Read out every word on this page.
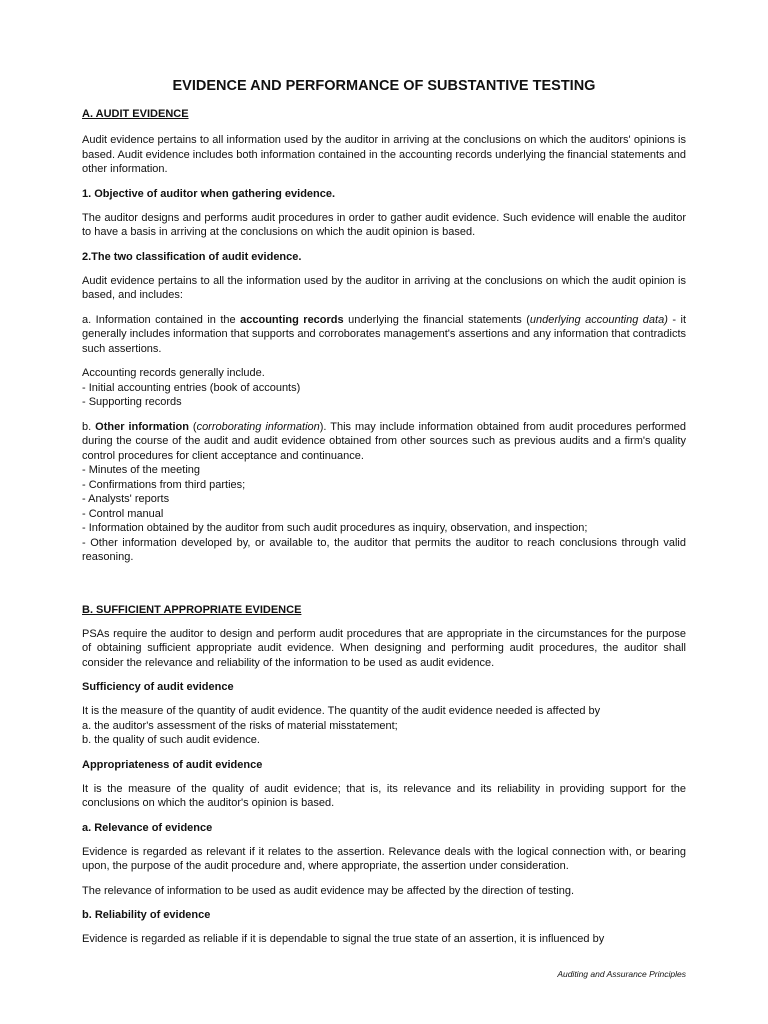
EVIDENCE AND PERFORMANCE OF SUBSTANTIVE TESTING
A. AUDIT EVIDENCE

Audit evidence pertains to all information used by the auditor in arriving at the conclusions on which the auditors' opinions is based. Audit evidence includes both information contained in the accounting records underlying the financial statements and other information.

1. Objective of auditor when gathering evidence.

The auditor designs and performs audit procedures in order to gather audit evidence. Such evidence will enable the auditor to have a basis in arriving at the conclusions on which the audit opinion is based.

2.The two classification of audit evidence.

Audit evidence pertains to all the information used by the auditor in arriving at the conclusions on which the audit opinion is based, and includes:

a. Information contained in the accounting records underlying the financial statements (underlying accounting data) - it generally includes information that supports and corroborates management's assertions and any information that contradicts such assertions.

Accounting records generally include.
- Initial accounting entries (book of accounts)
- Supporting records

b. Other information (corroborating information). This may include information obtained from audit procedures performed during the course of the audit and audit evidence obtained from other sources such as previous audits and a firm's quality control procedures for client acceptance and continuance.

- Minutes of the meeting
- Confirmations from third parties;
- Analysts' reports
- Control manual
- Information obtained by the auditor from such audit procedures as inquiry, observation, and inspection;
- Other information developed by, or available to, the auditor that permits the auditor to reach conclusions through valid reasoning.
B. SUFFICIENT APPROPRIATE EVIDENCE

PSAs require the auditor to design and perform audit procedures that are appropriate in the circumstances for the purpose of obtaining sufficient appropriate audit evidence. When designing and performing audit procedures, the auditor shall consider the relevance and reliability of the information to be used as audit evidence.

Sufficiency of audit evidence
It is the measure of the quantity of audit evidence. The quantity of the audit evidence needed is affected by
a. the auditor's assessment of the risks of material misstatement;
b. the quality of such audit evidence.
Appropriateness of audit evidence

It is the measure of the quality of audit evidence; that is, its relevance and its reliability in providing support for the conclusions on which the auditor's opinion is based.

a. Relevance of evidence

Evidence is regarded as relevant if it relates to the assertion. Relevance deals with the logical connection with, or bearing upon, the purpose of the audit procedure and, where appropriate, the assertion under consideration.

The relevance of information to be used as audit evidence may be affected by the direction of testing.

b. Reliability of evidence

Evidence is regarded as reliable if it is dependable to signal the true state of an assertion, it is influenced by

Auditing and Assurance Principles
